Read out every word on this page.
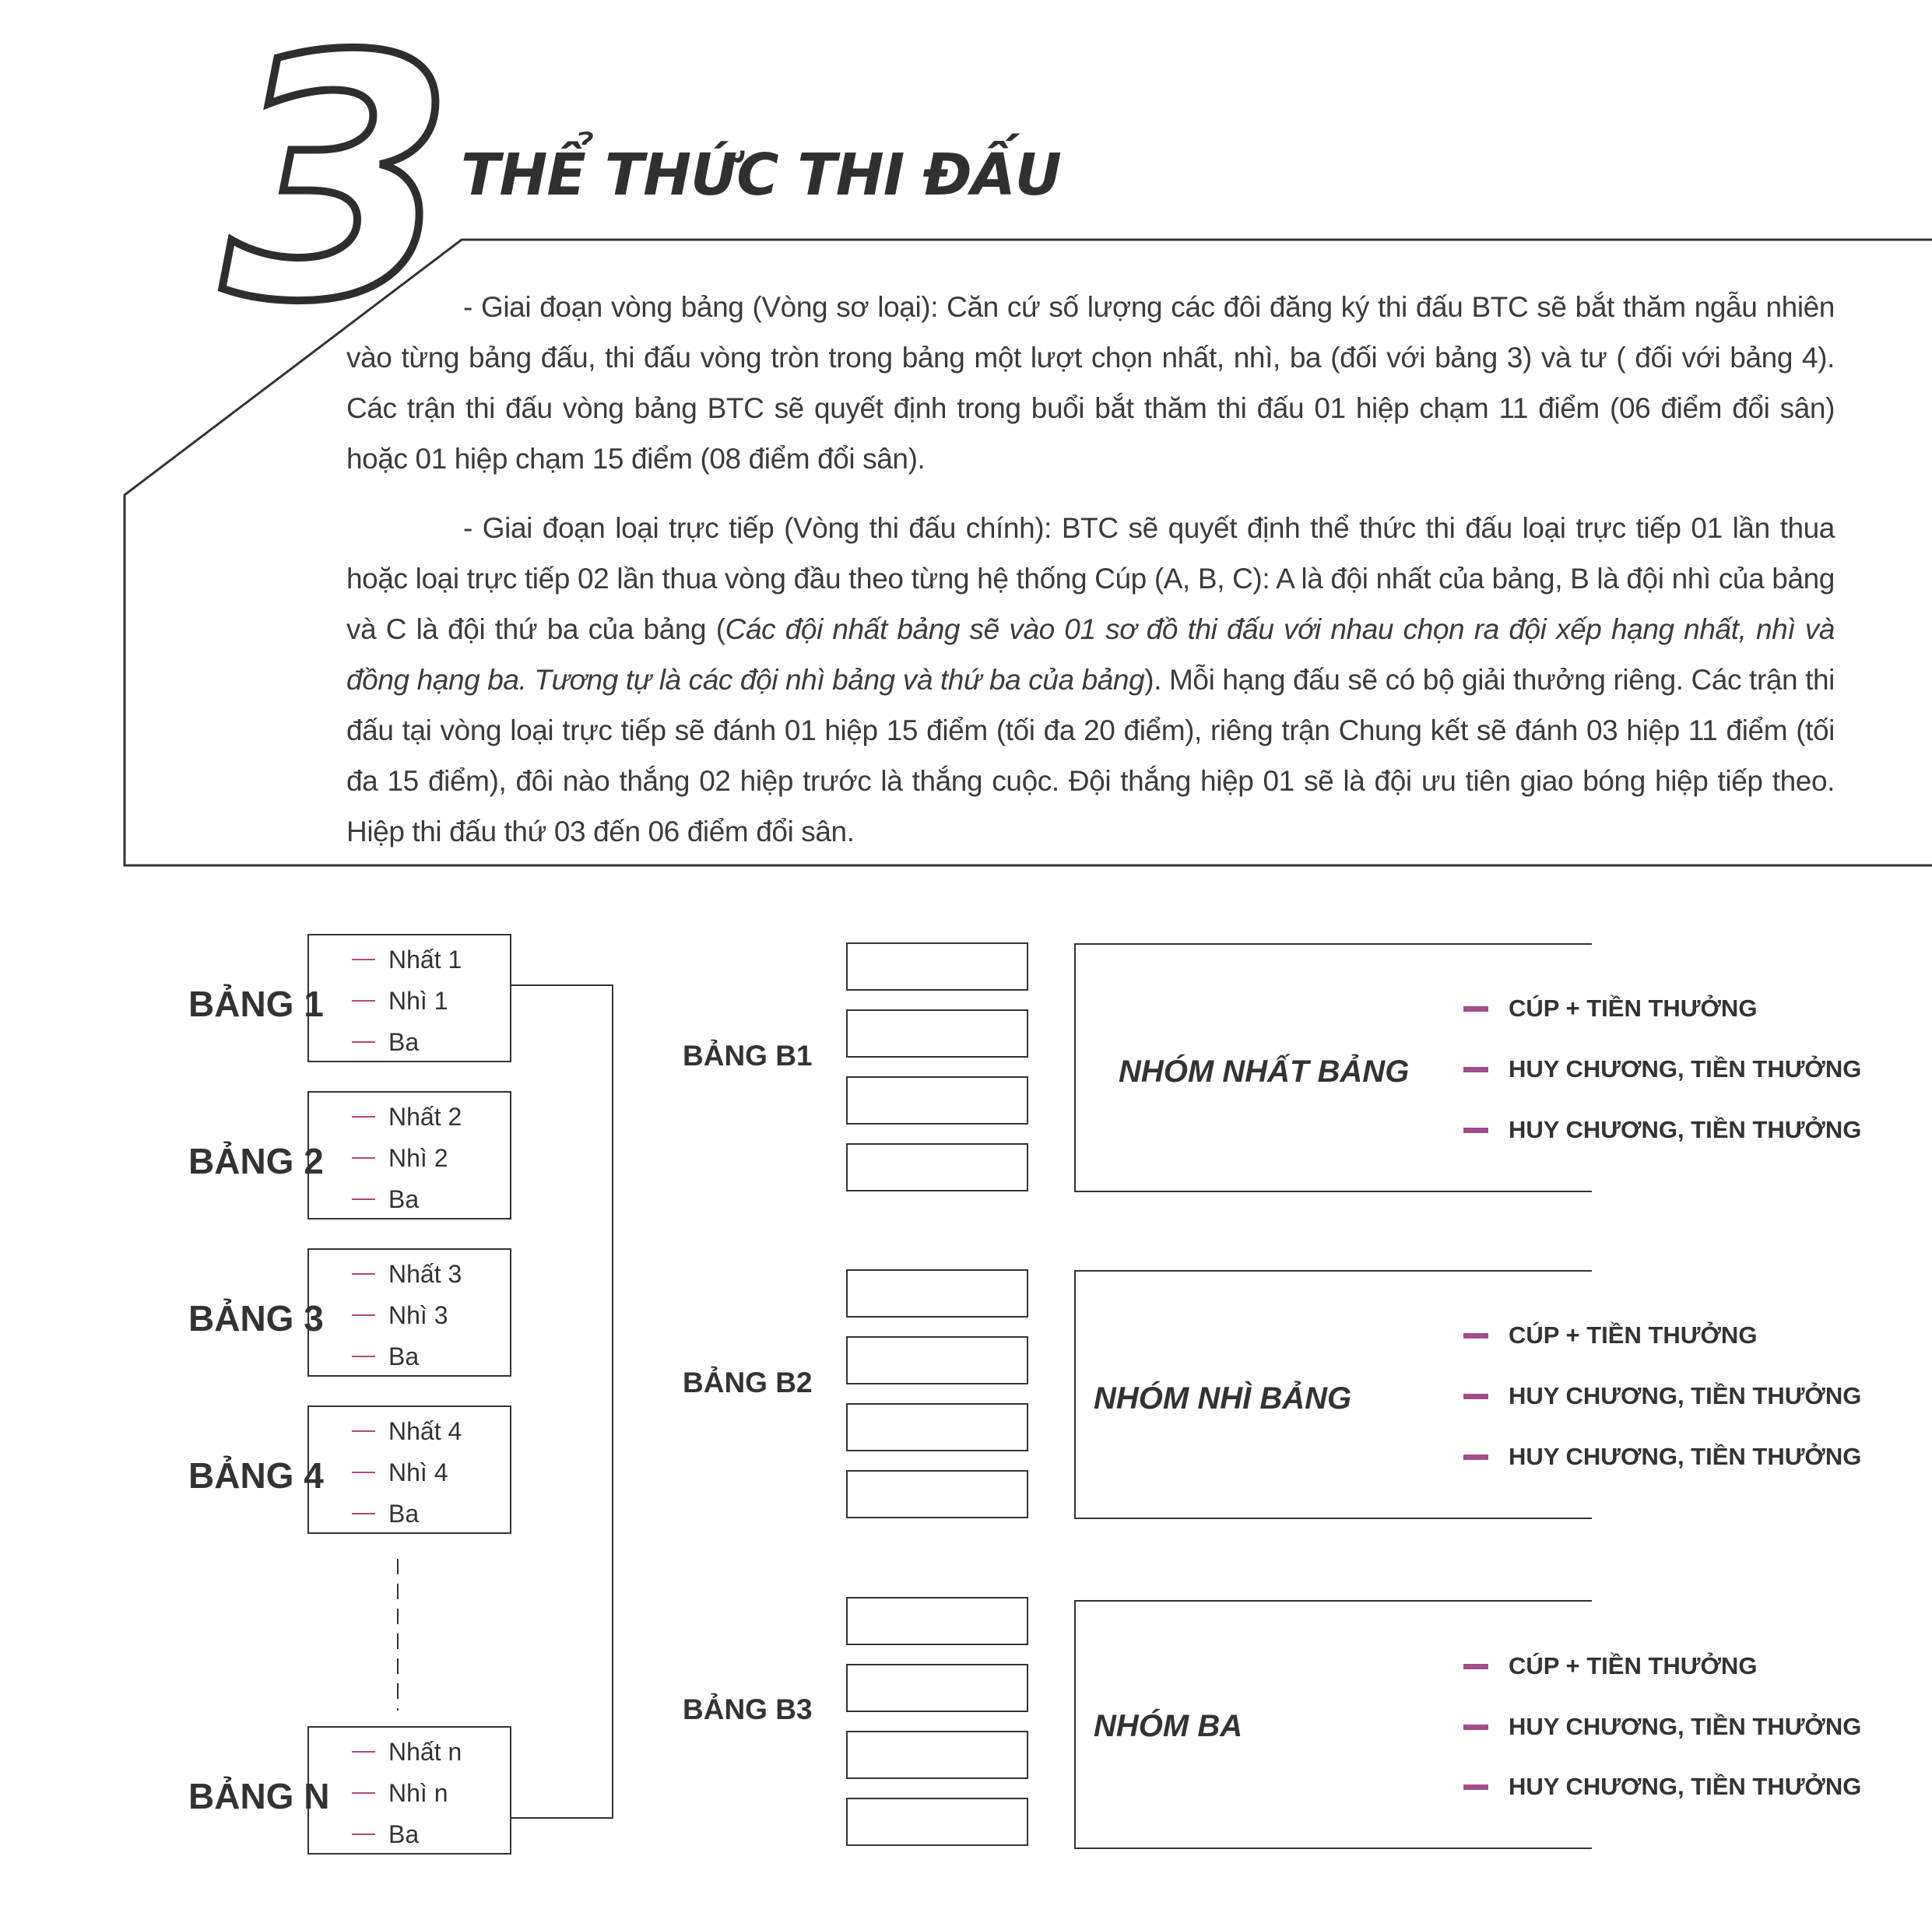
3 THỂ THỨC THI ĐẤU

- Giai đoạn vòng bảng (Vòng sơ loại): Căn cứ số lượng các đôi đăng ký thi đấu BTC sẽ bắt thăm ngẫu nhiên vào từng bảng đấu, thi đấu vòng tròn trong bảng một lượt chọn nhất, nhì, ba (đối với bảng 3) và tư ( đối với bảng 4). Các trận thi đấu vòng bảng BTC sẽ quyết định trong buổi bắt thăm thi đấu 01 hiệp chạm 11 điểm (06 điểm đổi sân) hoặc 01 hiệp chạm 15 điểm (08 điểm đổi sân).

- Giai đoạn loại trực tiếp (Vòng thi đấu chính): BTC sẽ quyết định thể thức thi đấu loại trực tiếp 01 lần thua hoặc loại trực tiếp 02 lần thua vòng đầu theo từng hệ thống Cúp (A, B, C): A là đội nhất của bảng, B là đội nhì của bảng và C là đội thứ ba của bảng (Các đội nhất bảng sẽ vào 01 sơ đồ thi đấu với nhau chọn ra đội xếp hạng nhất, nhì và đồng hạng ba. Tương tự là các đội nhì bảng và thứ ba của bảng). Mỗi hạng đấu sẽ có bộ giải thưởng riêng. Các trận thi đấu tại vòng loại trực tiếp sẽ đánh 01 hiệp 15 điểm (tối đa 20 điểm), riêng trận Chung kết sẽ đánh 03 hiệp 11 điểm (tối đa 15 điểm), đôi nào thắng 02 hiệp trước là thắng cuộc. Đội thắng hiệp 01 sẽ là đội ưu tiên giao bóng hiệp tiếp theo. Hiệp thi đấu thứ 03 đến 06 điểm đổi sân.

BẢNG 1
Nhất 1
Nhì 1
Ba
BẢNG 2
Nhất 2
Nhì 2
Ba
BẢNG 3
Nhất 3
Nhì 3
Ba
BẢNG 4
Nhất 4
Nhì 4
Ba
BẢNG N
Nhất n
Nhì n
Ba
BẢNG B1	NHÓM NHẤT BẢNG
CÚP + TIỀN THƯỞNG
HUY CHƯƠNG, TIỀN THƯỞNG
HUY CHƯƠNG, TIỀN THƯỞNG
BẢNG B2	NHÓM NHÌ BẢNG
CÚP + TIỀN THƯỞNG
HUY CHƯƠNG, TIỀN THƯỞNG
HUY CHƯƠNG, TIỀN THƯỞNG
BẢNG B3	NHÓM BA
CÚP + TIỀN THƯỞNG
HUY CHƯƠNG, TIỀN THƯỞNG
HUY CHƯƠNG, TIỀN THƯỞNG
